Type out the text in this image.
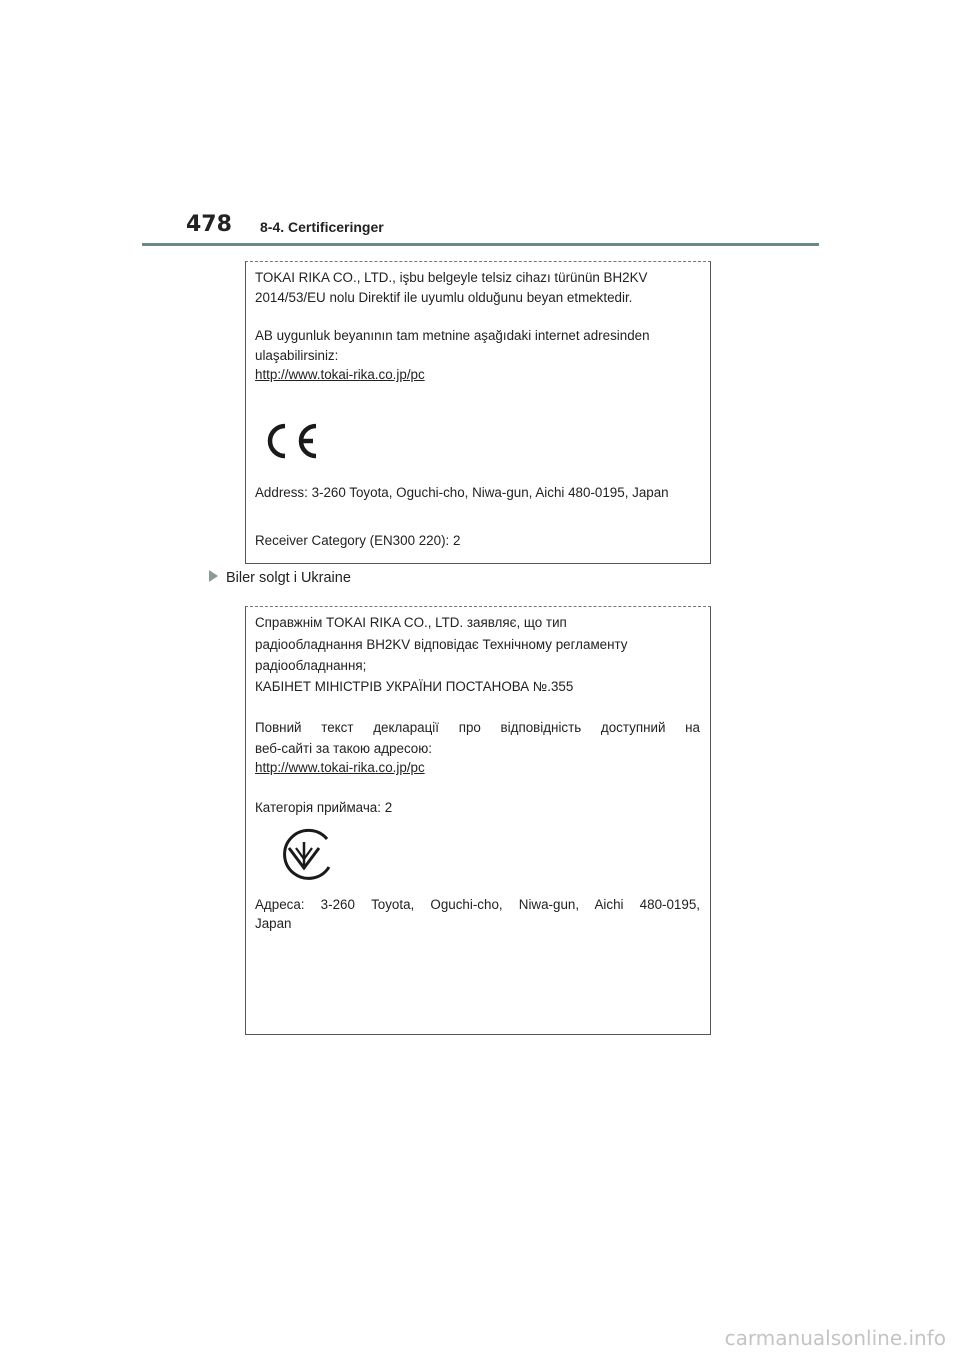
478 8-4. Certificeringer

TOKAI RIKA CO., LTD., işbu belgeyle telsiz cihazı türünün BH2KV

2014/53/EU nolu Direktif ile uyumlu olduğunu beyan etmektedir.

AB uygunluk beyanının tam metnine aşağıdaki internet adresinden

ulaşabilirsiniz:

http://www.tokai-rika.co.jp/pc

Address: 3-260 Toyota, Oguchi-cho, Niwa-gun, Aichi 480-0195, Japan

Receiver Category (EN300 220): 2

Biler solgt i Ukraine

Справжнім TOKAI RIKA CO., LTD. заявляє, що тип

радіообладнання BH2KV відповідає Технічному регламенту

радіообладнання;

КАБІНЕТ МІНІСТРІВ УКРАЇНИ ПОСТАНОВА №.355

Повний текст декларації про відповідність доступний на

веб-сайті за такою адресою:

http://www.tokai-rika.co.jp/pc

Категорія приймача: 2

Адреса: 3-260 Toyota, Oguchi-cho, Niwa-gun, Aichi 480-0195,

Japan

carmanualsonline.info
